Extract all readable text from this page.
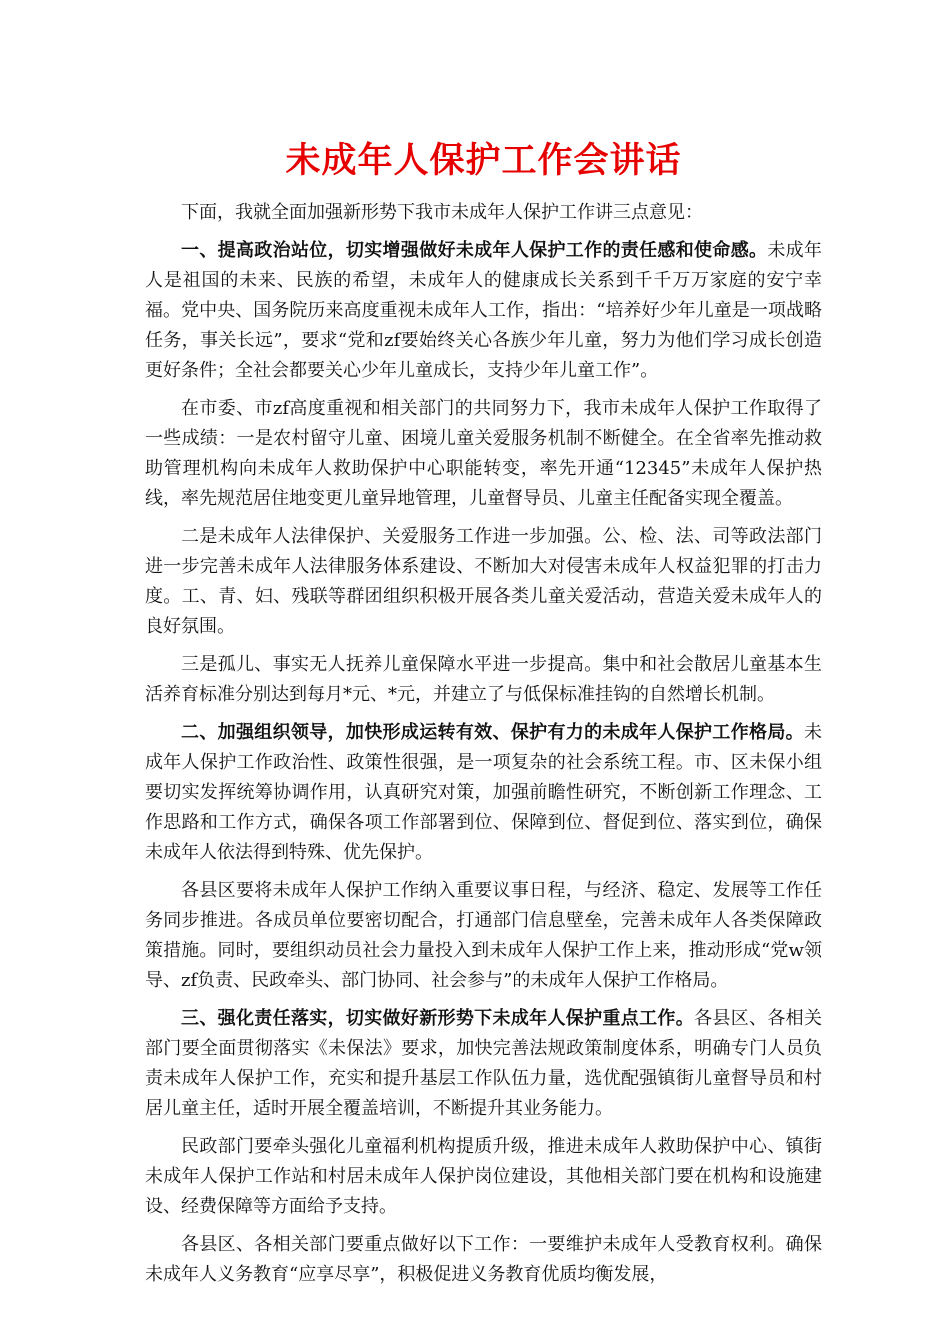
未成年人保护工作会讲话

下面，我就全面加强新形势下我市未成年人保护工作讲三点意见：

一、提高政治站位，切实增强做好未成年人保护工作的责任感和使命感。未成年人是祖国的未来、民族的希望，未成年人的健康成长关系到千千万万家庭的安宁幸福。党中央、国务院历来高度重视未成年人工作，指出：“培养好少年儿童是一项战略任务，事关长远”，要求“党和zf要始终关心各族少年儿童，努力为他们学习成长创造更好条件；全社会都要关心少年儿童成长，支持少年儿童工作”。

在市委、市zf高度重视和相关部门的共同努力下，我市未成年人保护工作取得了一些成绩：一是农村留守儿童、困境儿童关爱服务机制不断健全。在全省率先推动救助管理机构向未成年人救助保护中心职能转变，率先开通“12345”未成年人保护热线，率先规范居住地变更儿童异地管理，儿童督导员、儿童主任配备实现全覆盖。

二是未成年人法律保护、关爱服务工作进一步加强。公、检、法、司等政法部门进一步完善未成年人法律服务体系建设、不断加大对侵害未成年人权益犯罪的打击力度。工、青、妇、残联等群团组织积极开展各类儿童关爱活动，营造关爱未成年人的良好氛围。

三是孤儿、事实无人抚养儿童保障水平进一步提高。集中和社会散居儿童基本生活养育标准分别达到每月*元、*元，并建立了与低保标准挂钩的自然增长机制。

二、加强组织领导，加快形成运转有效、保护有力的未成年人保护工作格局。未成年人保护工作政治性、政策性很强，是一项复杂的社会系统工程。市、区未保小组要切实发挥统筹协调作用，认真研究对策，加强前瞻性研究，不断创新工作理念、工作思路和工作方式，确保各项工作部署到位、保障到位、督促到位、落实到位，确保未成年人依法得到特殊、优先保护。

各县区要将未成年人保护工作纳入重要议事日程，与经济、稳定、发展等工作任务同步推进。各成员单位要密切配合，打通部门信息壁垒，完善未成年人各类保障政策措施。同时，要组织动员社会力量投入到未成年人保护工作上来，推动形成“党w领导、zf负责、民政牵头、部门协同、社会参与”的未成年人保护工作格局。

三、强化责任落实，切实做好新形势下未成年人保护重点工作。各县区、各相关部门要全面贯彻落实《未保法》要求，加快完善法规政策制度体系，明确专门人员负责未成年人保护工作，充实和提升基层工作队伍力量，选优配强镇街儿童督导员和村居儿童主任，适时开展全覆盖培训，不断提升其业务能力。

民政部门要牵头强化儿童福利机构提质升级，推进未成年人救助保护中心、镇街未成年人保护工作站和村居未成年人保护岗位建设，其他相关部门要在机构和设施建设、经费保障等方面给予支持。

各县区、各相关部门要重点做好以下工作：一要维护未成年人受教育权利。确保未成年人义务教育“应享尽享”，积极促进义务教育优质均衡发展，
